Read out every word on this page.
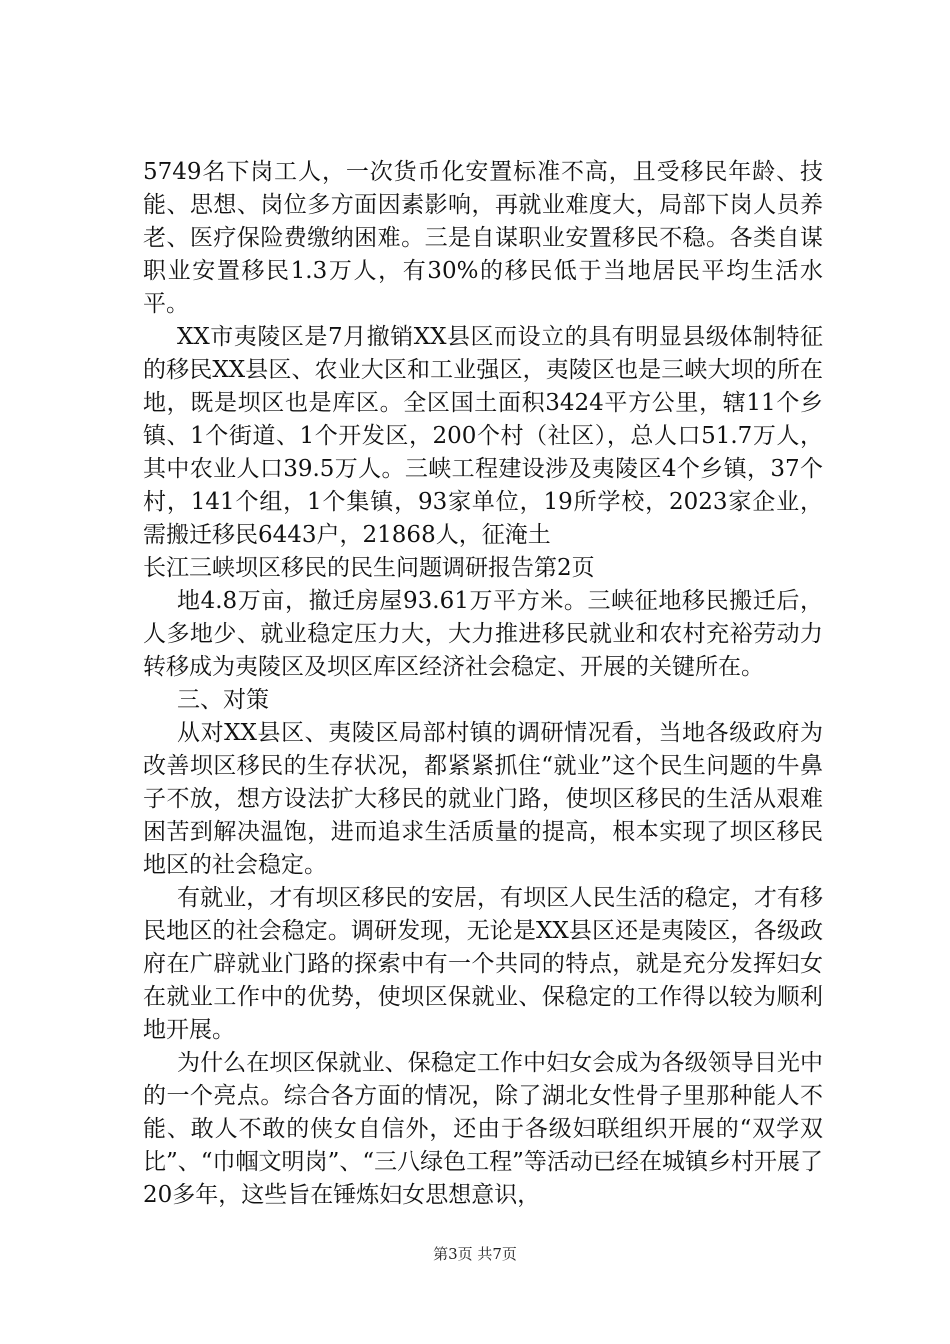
5749名下岗工人，一次货币化安置标准不高，且受移民年龄、技能、思想、岗位多方面因素影响，再就业难度大，局部下岗人员养老、医疗保险费缴纳困难。三是自谋职业安置移民不稳。各类自谋职业安置移民1.3万人，有30%的移民低于当地居民平均生活水平。

XX市夷陵区是7月撤销XX县区而设立的具有明显县级体制特征的移民XX县区、农业大区和工业强区，夷陵区也是三峡大坝的所在地，既是坝区也是库区。全区国土面积3424平方公里，辖11个乡镇、1个街道、1个开发区，200个村（社区），总人口51.7万人，其中农业人口39.5万人。三峡工程建设涉及夷陵区4个乡镇，37个村，141个组，1个集镇，93家单位，19所学校，2023家企业，需搬迁移民6443户，21868人，征淹土

长江三峡坝区移民的民生问题调研报告第2页

地4.8万亩，撤迁房屋93.61万平方米。三峡征地移民搬迁后，人多地少、就业稳定压力大，大力推进移民就业和农村充裕劳动力转移成为夷陵区及坝区库区经济社会稳定、开展的关键所在。

三、对策

从对XX县区、夷陵区局部村镇的调研情况看，当地各级政府为改善坝区移民的生存状况，都紧紧抓住“就业”这个民生问题的牛鼻子不放，想方设法扩大移民的就业门路，使坝区移民的生活从艰难困苦到解决温饱，进而追求生活质量的提高，根本实现了坝区移民地区的社会稳定。

有就业，才有坝区移民的安居，有坝区人民生活的稳定，才有移民地区的社会稳定。调研发现，无论是XX县区还是夷陵区，各级政府在广辟就业门路的探索中有一个共同的特点，就是充分发挥妇女在就业工作中的优势，使坝区保就业、保稳定的工作得以较为顺利地开展。

为什么在坝区保就业、保稳定工作中妇女会成为各级领导目光中的一个亮点。综合各方面的情况，除了湖北女性骨子里那种能人不能、敢人不敢的侠女自信外，还由于各级妇联组织开展的“双学双比”、“巾帼文明岗”、“三八绿色工程”等活动已经在城镇乡村开展了20多年，这些旨在锤炼妇女思想意识，

第3页 共7页
